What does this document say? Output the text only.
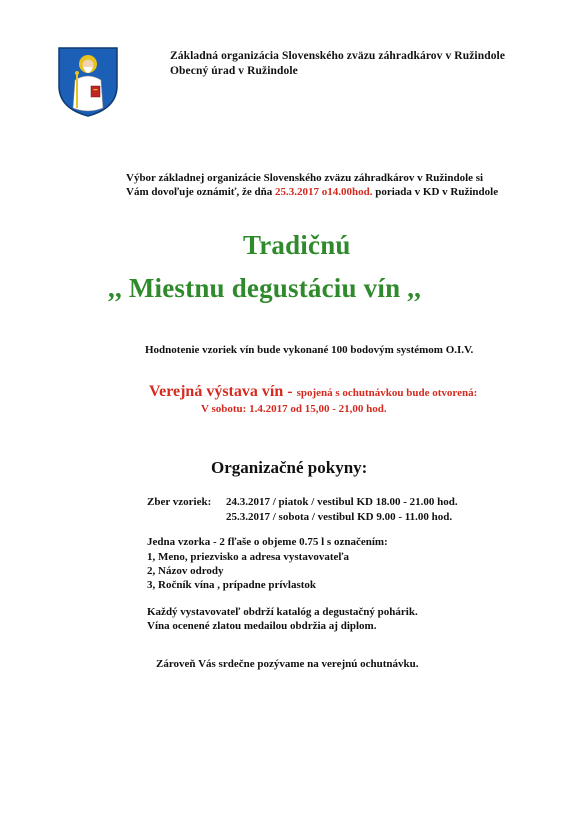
Základná organizácia Slovenského zväzu záhradkárov v Ružindole
Obecný úrad v Ružindole
Výbor základnej organizácie Slovenského zväzu záhradkárov v Ružindole si
Vám dovoľuje oznámiť, že dňa 25.3.2017 o14.00hod. poriada v KD v Ružindole
Tradičnú
,, Miestnu degustáciu vín ,,
Hodnotenie vzoriek vín bude vykonané 100 bodovým systémom O.I.V.
Verejná výstava vín - spojená s ochutnávkou bude otvorená:
V sobotu: 1.4.2017 od 15,00 - 21,00 hod.
Organizačné pokyny:
Zber vzoriek: 24.3.2017 / piatok / vestibul KD 18.00 - 21.00 hod.
25.3.2017 / sobota / vestibul KD 9.00 - 11.00 hod.
Jedna vzorka - 2 fľaše o objeme 0.75 l s označením:
1, Meno, priezvisko a adresa vystavovateľa
2, Názov odrody
3, Ročník vína , prípadne prívlastok
Každý vystavovateľ obdrží katalóg a degustačný pohárik.
Vína ocenené zlatou medailou obdržia aj diplom.
Zároveň Vás srdečne pozývame na verejnú ochutnávku.
